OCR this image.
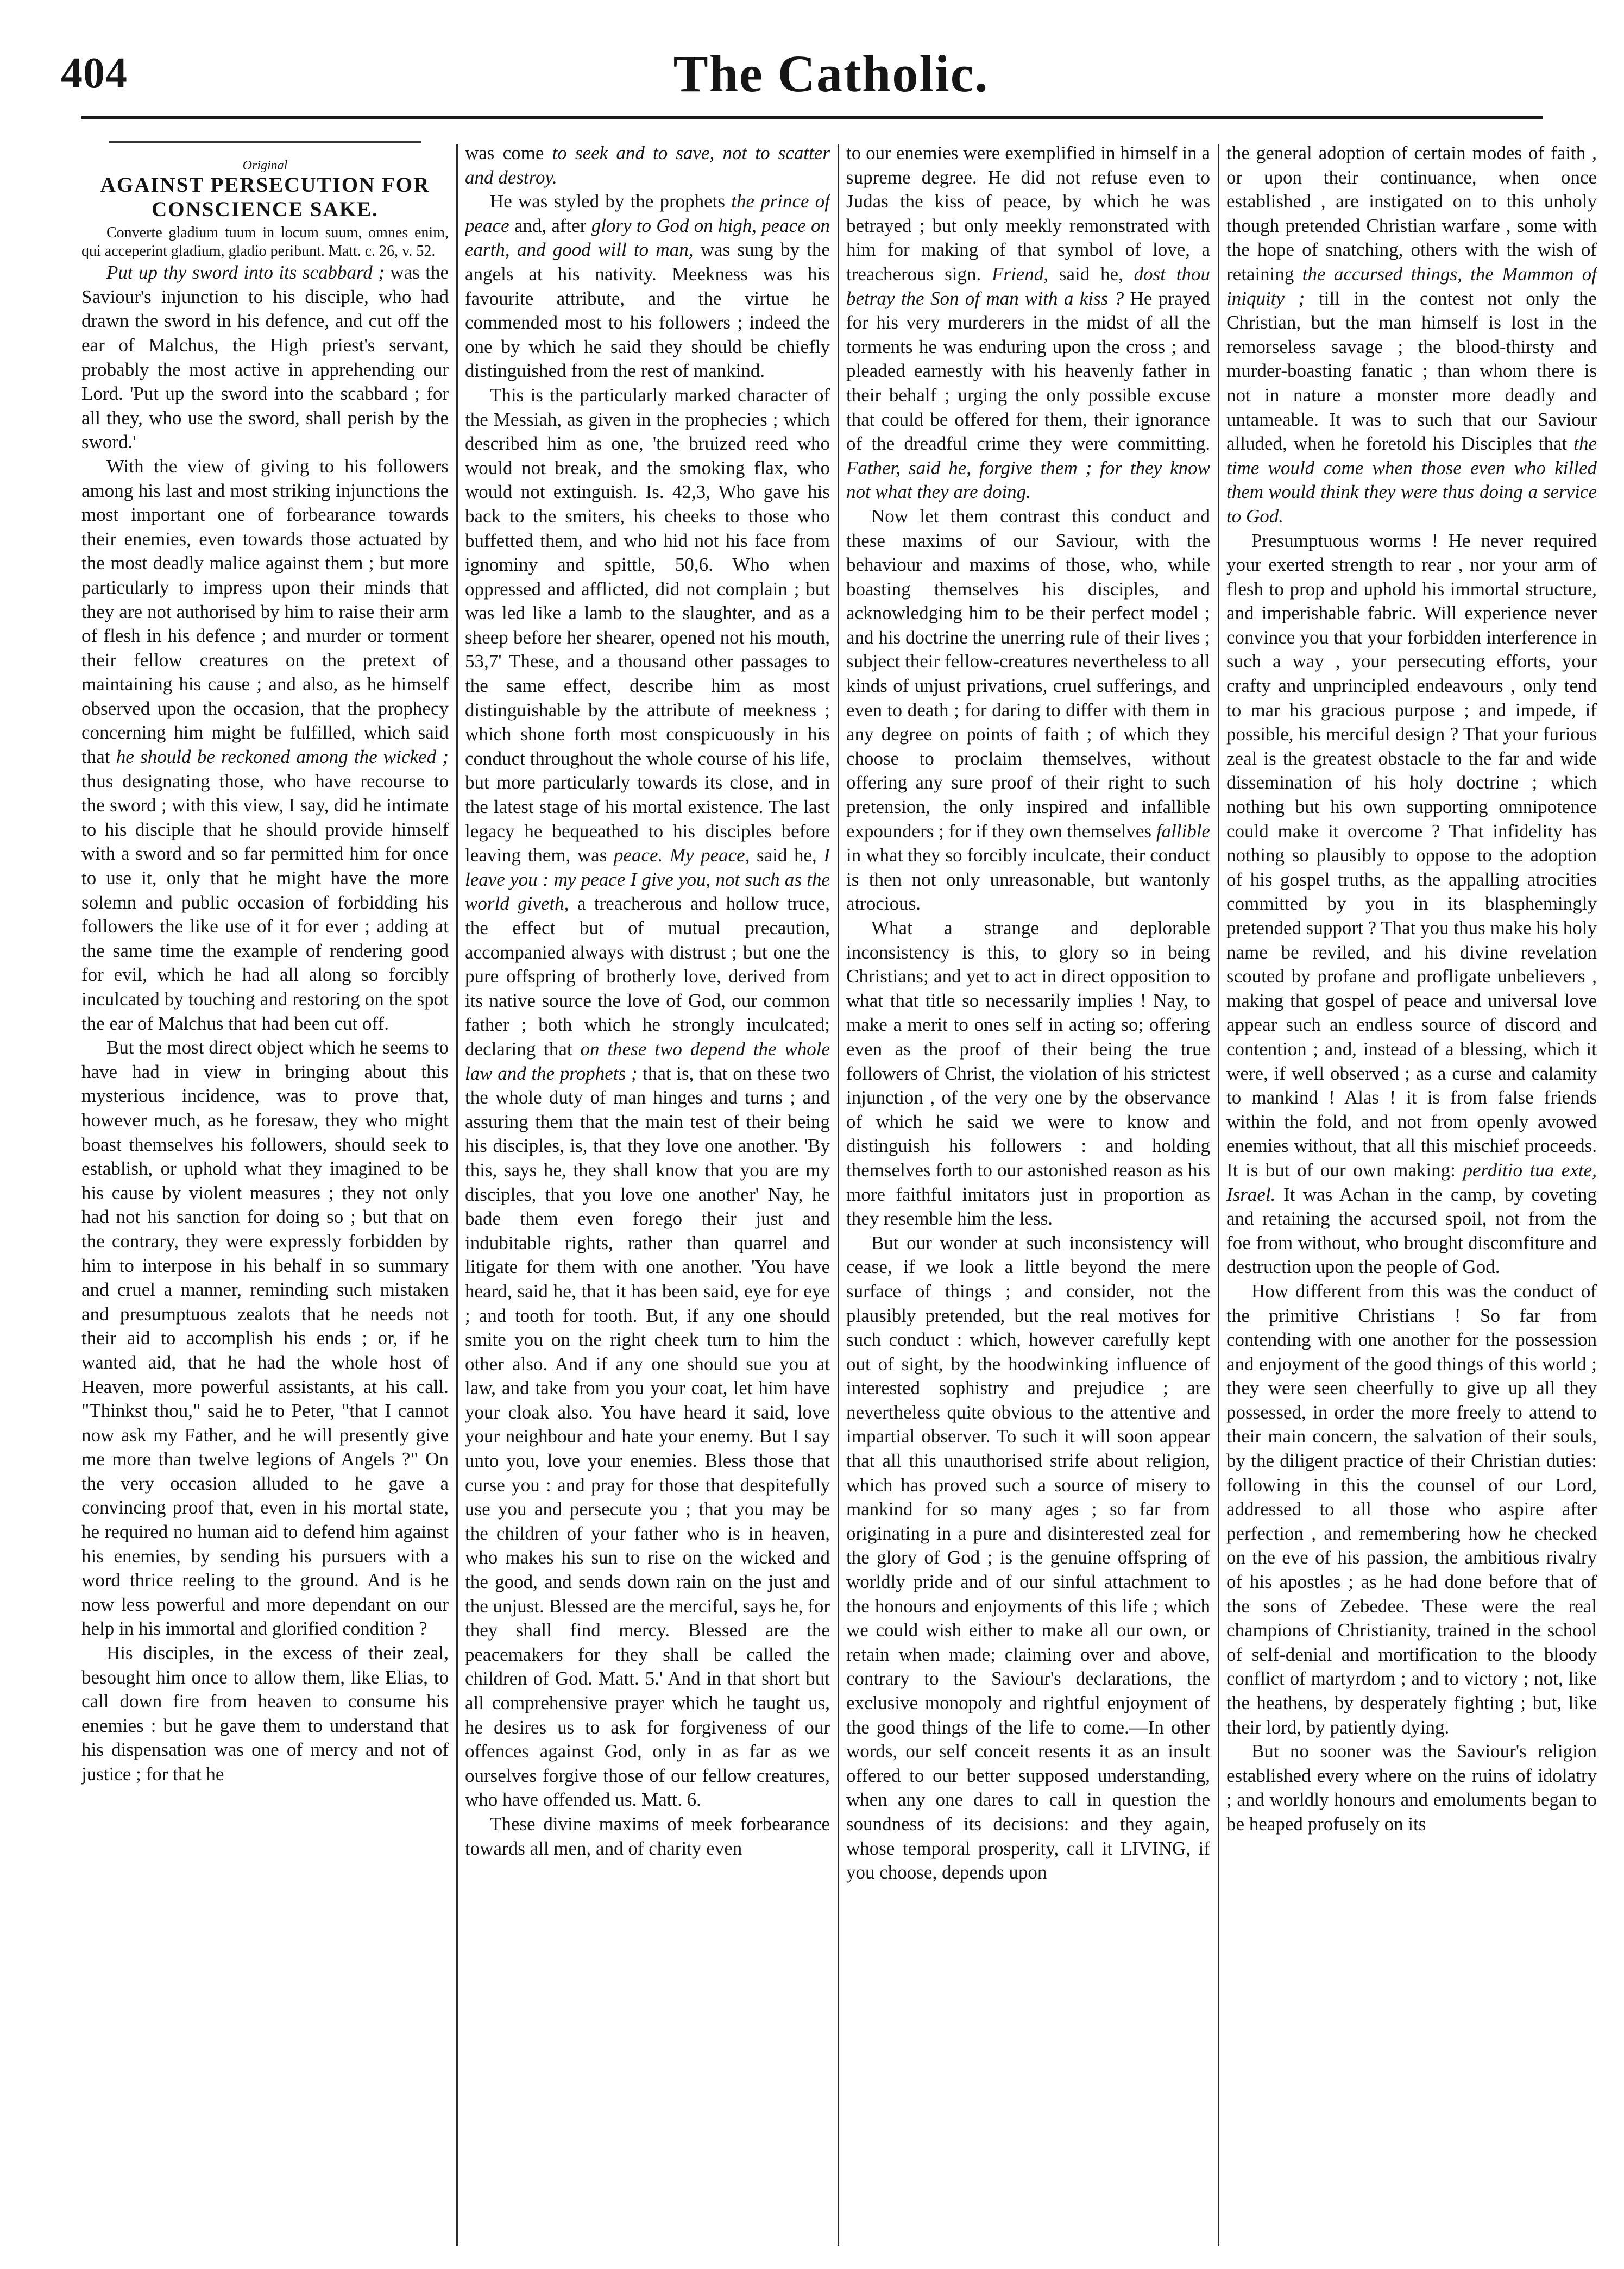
404	The Catholic.
Original
AGAINST PERSECUTION FOR CONSCIENCE SAKE.

Converte gladium tuum in locum suum, omnes enim, qui acceperint gladium, gladio peribunt. Matt. c. 26, v. 52.

Put up thy sword into its scabbard ; was the Saviour's injunction to his disciple, who had drawn the sword in his defence, and cut off the ear of Malchus, the High priest's servant, probably the most active in apprehending our Lord. 'Put up the sword into the scabbard ; for all they, who use the sword, shall perish by the sword.'

With the view of giving to his followers among his last and most striking injunctions the most important one of forbearance towards their enemies, even towards those actuated by the most deadly malice against them ; but more particularly to impress upon their minds that they are not authorised by him to raise their arm of flesh in his defence ; and murder or torment their fellow creatures on the pretext of maintaining his cause ; and also, as he himself observed upon the occasion, that the prophecy concerning him might be fulfilled, which said that he should be reckoned among the wicked ; thus designating those, who have recourse to the sword ; with this view, I say, did he intimate to his disciple that he should provide himself with a sword and so far permitted him for once to use it, only that he might have the more solemn and public occasion of forbidding his followers the like use of it for ever ; adding at the same time the example of rendering good for evil, which he had all along so forcibly inculcated by touching and restoring on the spot the ear of Malchus that had been cut off.

But the most direct object which he seems to have had in view in bringing about this mysterious incidence, was to prove that, however much, as he foresaw, they who might boast themselves his followers, should seek to establish, or uphold what they imagined to be his cause by violent measures ; they not only had not his sanction for doing so ; but that on the contrary, they were expressly forbidden by him to interpose in his behalf in so summary and cruel a manner, reminding such mistaken and presumptuous zealots that he needs not their aid to accomplish his ends ; or, if he wanted aid, that he had the whole host of Heaven, more powerful assistants, at his call. "Thinkst thou," said he to Peter, "that I cannot now ask my Father, and he will presently give me more than twelve legions of Angels ?" On the very occasion alluded to he gave a convincing proof that, even in his mortal state, he required no human aid to defend him against his enemies, by sending his pursuers with a word thrice reeling to the ground. And is he now less powerful and more dependant on our help in his immortal and glorified condition ?

His disciples, in the excess of their zeal, besought him once to allow them, like Elias, to call down fire from heaven to consume his enemies : but he gave them to understand that his dispensation was one of mercy and not of justice ; for that he

was come to seek and to save, not to scatter and destroy.

He was styled by the prophets the prince of peace and, after glory to God on high, peace on earth, and good will to man, was sung by the angels at his nativity. Meekness was his favourite attribute, and the virtue he commended most to his followers ; indeed the one by which he said they should be chiefly distinguished from the rest of mankind.

This is the particularly marked character of the Messiah, as given in the prophecies ; which described him as one, 'the bruized reed who would not break, and the smoking flax, who would not extinguish. Is. 42,3, Who gave his back to the smiters, his cheeks to those who buffetted them, and who hid not his face from ignominy and spittle, 50,6. Who when oppressed and afflicted, did not complain ; but was led like a lamb to the slaughter, and as a sheep before her shearer, opened not his mouth, 53,7' These, and a thousand other passages to the same effect, describe him as most distinguishable by the attribute of meekness ; which shone forth most conspicuously in his conduct throughout the whole course of his life, but more particularly towards its close, and in the latest stage of his mortal existence. The last legacy he bequeathed to his disciples before leaving them, was peace. My peace, said he, I leave you : my peace I give you, not such as the world giveth, a treacherous and hollow truce, the effect but of mutual precaution, accompanied always with distrust ; but one the pure offspring of brotherly love, derived from its native source the love of God, our common father ; both which he strongly inculcated; declaring that on these two depend the whole law and the prophets ; that is, that on these two the whole duty of man hinges and turns ; and assuring them that the main test of their being his disciples, is, that they love one another. 'By this, says he, they shall know that you are my disciples, that you love one another' Nay, he bade them even forego their just and indubitable rights, rather than quarrel and litigate for them with one another. 'You have heard, said he, that it has been said, eye for eye ; and tooth for tooth. But, if any one should smite you on the right cheek turn to him the other also. And if any one should sue you at law, and take from you your coat, let him have your cloak also. You have heard it said, love your neighbour and hate your enemy. But I say unto you, love your enemies. Bless those that curse you : and pray for those that despitefully use you and persecute you ; that you may be the children of your father who is in heaven, who makes his sun to rise on the wicked and the good, and sends down rain on the just and the unjust. Blessed are the merciful, says he, for they shall find mercy. Blessed are the peacemakers for they shall be called the children of God. Matt. 5.' And in that short but all comprehensive prayer which he taught us, he desires us to ask for forgiveness of our offences against God, only in as far as we ourselves forgive those of our fellow creatures, who have offended us. Matt. 6.

These divine maxims of meek forbearance towards all men, and of charity even

to our enemies were exemplified in himself in a supreme degree. He did not refuse even to Judas the kiss of peace, by which he was betrayed ; but only meekly remonstrated with him for making of that symbol of love, a treacherous sign. Friend, said he, dost thou betray the Son of man with a kiss ? He prayed for his very murderers in the midst of all the torments he was enduring upon the cross ; and pleaded earnestly with his heavenly father in their behalf ; urging the only possible excuse that could be offered for them, their ignorance of the dreadful crime they were committing. Father, said he, forgive them ; for they know not what they are doing.

Now let them contrast this conduct and these maxims of our Saviour, with the behaviour and maxims of those, who, while boasting themselves his disciples, and acknowledging him to be their perfect model ; and his doctrine the unerring rule of their lives ; subject their fellow-creatures nevertheless to all kinds of unjust privations, cruel sufferings, and even to death ; for daring to differ with them in any degree on points of faith ; of which they choose to proclaim themselves, without offering any sure proof of their right to such pretension, the only inspired and infallible expounders ; for if they own themselves fallible in what they so forcibly inculcate, their conduct is then not only unreasonable, but wantonly atrocious.

What a strange and deplorable inconsistency is this, to glory so in being Christians; and yet to act in direct opposition to what that title so necessarily implies ! Nay, to make a merit to ones self in acting so; offering even as the proof of their being the true followers of Christ, the violation of his strictest injunction , of the very one by the observance of which he said we were to know and distinguish his followers : and holding themselves forth to our astonished reason as his more faithful imitators just in proportion as they resemble him the less.

But our wonder at such inconsistency will cease, if we look a little beyond the mere surface of things ; and consider, not the plausibly pretended, but the real motives for such conduct : which, however carefully kept out of sight, by the hoodwinking influence of interested sophistry and prejudice ; are nevertheless quite obvious to the attentive and impartial observer. To such it will soon appear that all this unauthorised strife about religion, which has proved such a source of misery to mankind for so many ages ; so far from originating in a pure and disinterested zeal for the glory of God ; is the genuine offspring of worldly pride and of our sinful attachment to the honours and enjoyments of this life ; which we could wish either to make all our own, or retain when made; claiming over and above, contrary to the Saviour's declarations, the exclusive monopoly and rightful enjoyment of the good things of the life to come.—In other words, our self conceit resents it as an insult offered to our better supposed understanding, when any one dares to call in question the soundness of its decisions: and they again, whose temporal prosperity, call it LIVING, if you choose, depends upon

the general adoption of certain modes of faith , or upon their continuance, when once established , are instigated on to this unholy though pretended Christian warfare , some with the hope of snatching, others with the wish of retaining the accursed things, the Mammon of iniquity ; till in the contest not only the Christian, but the man himself is lost in the remorseless savage ; the blood-thirsty and murder-boasting fanatic ; than whom there is not in nature a monster more deadly and untameable. It was to such that our Saviour alluded, when he foretold his Disciples that the time would come when those even who killed them would think they were thus doing a service to God.

Presumptuous worms ! He never required your exerted strength to rear , nor your arm of flesh to prop and uphold his immortal structure, and imperishable fabric. Will experience never convince you that your forbidden interference in such a way , your persecuting efforts, your crafty and unprincipled endeavours , only tend to mar his gracious purpose ; and impede, if possible, his merciful design ? That your furious zeal is the greatest obstacle to the far and wide dissemination of his holy doctrine ; which nothing but his own supporting omnipotence could make it overcome ? That infidelity has nothing so plausibly to oppose to the adoption of his gospel truths, as the appalling atrocities committed by you in its blasphemingly pretended support ? That you thus make his holy name be reviled, and his divine revelation scouted by profane and profligate unbelievers , making that gospel of peace and universal love appear such an endless source of discord and contention ; and, instead of a blessing, which it were, if well observed ; as a curse and calamity to mankind ! Alas ! it is from false friends within the fold, and not from openly avowed enemies without, that all this mischief proceeds. It is but of our own making: perditio tua exte, Israel. It was Achan in the camp, by coveting and retaining the accursed spoil, not from the foe from without, who brought discomfiture and destruction upon the people of God.

How different from this was the conduct of the primitive Christians ! So far from contending with one another for the possession and enjoyment of the good things of this world ; they were seen cheerfully to give up all they possessed, in order the more freely to attend to their main concern, the salvation of their souls, by the diligent practice of their Christian duties: following in this the counsel of our Lord, addressed to all those who aspire after perfection , and remembering how he checked on the eve of his passion, the ambitious rivalry of his apostles ; as he had done before that of the sons of Zebedee. These were the real champions of Christianity, trained in the school of self-denial and mortification to the bloody conflict of martyrdom ; and to victory ; not, like the heathens, by desperately fighting ; but, like their lord, by patiently dying.

But no sooner was the Saviour's religion established every where on the ruins of idolatry ; and worldly honours and emoluments began to be heaped profusely on its
